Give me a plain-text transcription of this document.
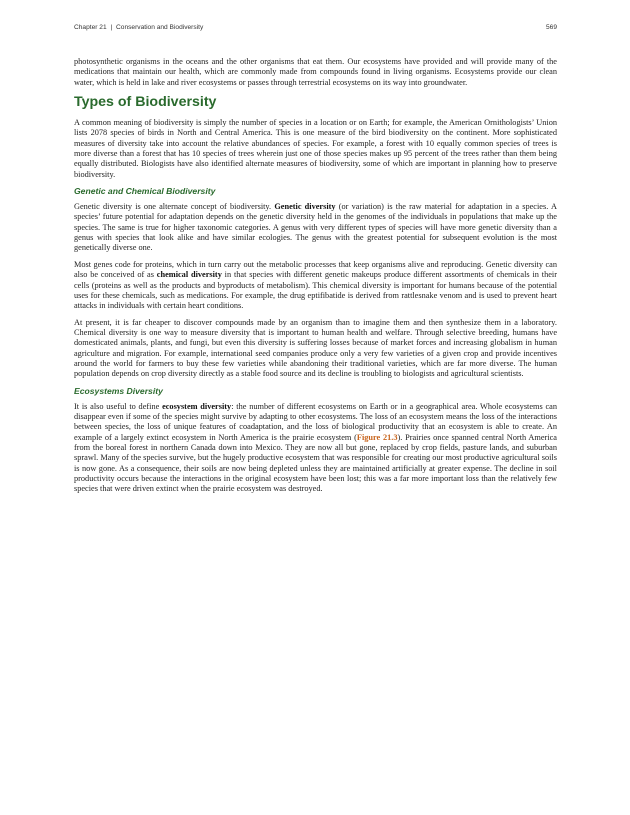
Chapter 21 | Conservation and Biodiversity	569

photosynthetic organisms in the oceans and the other organisms that eat them. Our ecosystems have provided and will provide many of the medications that maintain our health, which are commonly made from compounds found in living organisms. Ecosystems provide our clean water, which is held in lake and river ecosystems or passes through terrestrial ecosystems on its way into groundwater.

Types of Biodiversity

A common meaning of biodiversity is simply the number of species in a location or on Earth; for example, the American Ornithologists’ Union lists 2078 species of birds in North and Central America. This is one measure of the bird biodiversity on the continent. More sophisticated measures of diversity take into account the relative abundances of species. For example, a forest with 10 equally common species of trees is more diverse than a forest that has 10 species of trees wherein just one of those species makes up 95 percent of the trees rather than them being equally distributed. Biologists have also identified alternate measures of biodiversity, some of which are important in planning how to preserve biodiversity.

Genetic and Chemical Biodiversity

Genetic diversity is one alternate concept of biodiversity. Genetic diversity (or variation) is the raw material for adaptation in a species. A species’ future potential for adaptation depends on the genetic diversity held in the genomes of the individuals in populations that make up the species. The same is true for higher taxonomic categories. A genus with very different types of species will have more genetic diversity than a genus with species that look alike and have similar ecologies. The genus with the greatest potential for subsequent evolution is the most genetically diverse one.

Most genes code for proteins, which in turn carry out the metabolic processes that keep organisms alive and reproducing. Genetic diversity can also be conceived of as chemical diversity in that species with different genetic makeups produce different assortments of chemicals in their cells (proteins as well as the products and byproducts of metabolism). This chemical diversity is important for humans because of the potential uses for these chemicals, such as medications. For example, the drug eptifibatide is derived from rattlesnake venom and is used to prevent heart attacks in individuals with certain heart conditions.

At present, it is far cheaper to discover compounds made by an organism than to imagine them and then synthesize them in a laboratory. Chemical diversity is one way to measure diversity that is important to human health and welfare. Through selective breeding, humans have domesticated animals, plants, and fungi, but even this diversity is suffering losses because of market forces and increasing globalism in human agriculture and migration. For example, international seed companies produce only a very few varieties of a given crop and provide incentives around the world for farmers to buy these few varieties while abandoning their traditional varieties, which are far more diverse. The human population depends on crop diversity directly as a stable food source and its decline is troubling to biologists and agricultural scientists.

Ecosystems Diversity

It is also useful to define ecosystem diversity: the number of different ecosystems on Earth or in a geographical area. Whole ecosystems can disappear even if some of the species might survive by adapting to other ecosystems. The loss of an ecosystem means the loss of the interactions between species, the loss of unique features of coadaptation, and the loss of biological productivity that an ecosystem is able to create. An example of a largely extinct ecosystem in North America is the prairie ecosystem (Figure 21.3). Prairies once spanned central North America from the boreal forest in northern Canada down into Mexico. They are now all but gone, replaced by crop fields, pasture lands, and suburban sprawl. Many of the species survive, but the hugely productive ecosystem that was responsible for creating our most productive agricultural soils is now gone. As a consequence, their soils are now being depleted unless they are maintained artificially at greater expense. The decline in soil productivity occurs because the interactions in the original ecosystem have been lost; this was a far more important loss than the relatively few species that were driven extinct when the prairie ecosystem was destroyed.
